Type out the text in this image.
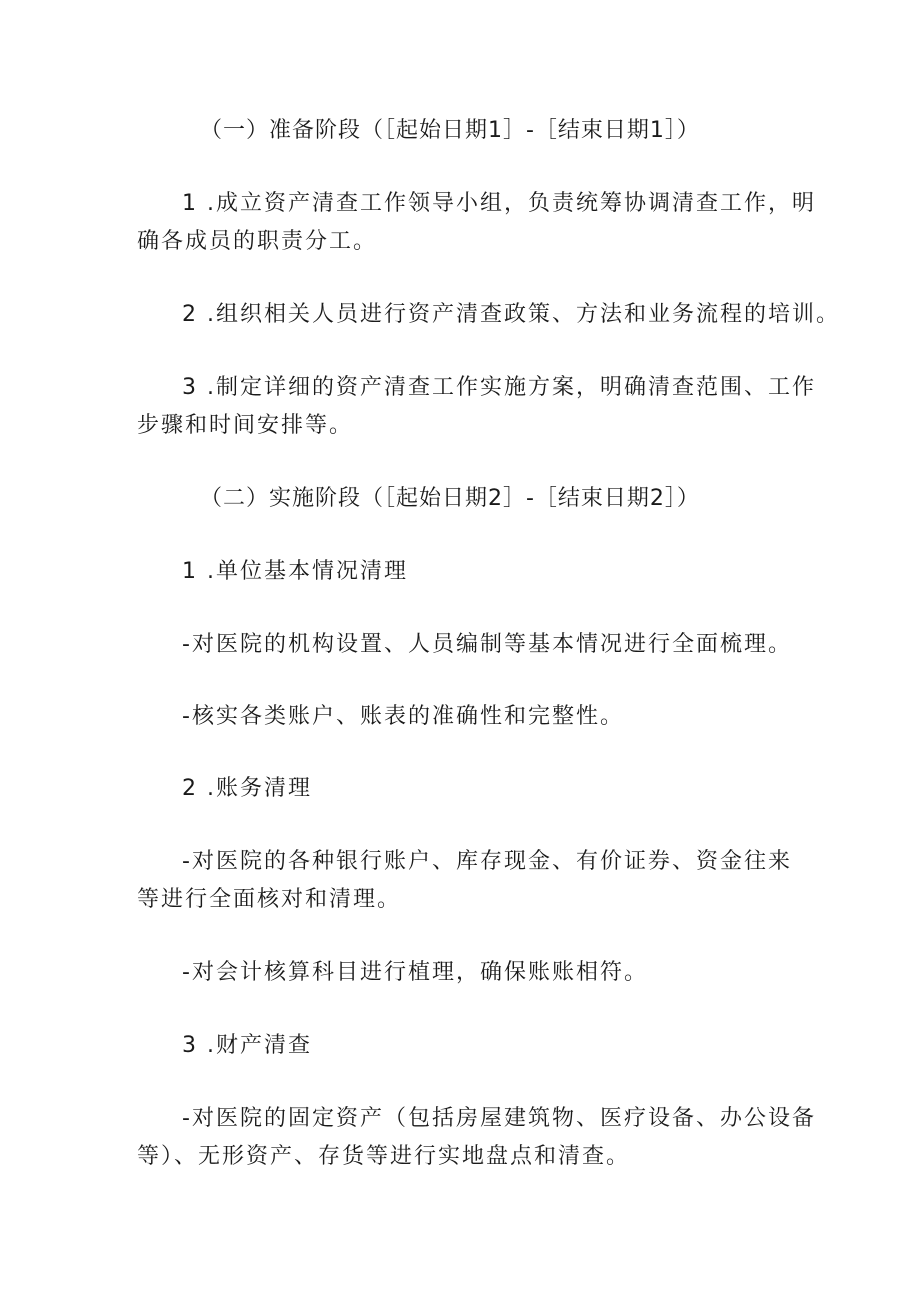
（一）准备阶段（［起始日期1］-［结束日期1］）
1 .成立资产清查工作领导小组，负责统筹协调清查工作，明
确各成员的职责分工。
2 .组织相关人员进行资产清查政策、方法和业务流程的培训。
3 .制定详细的资产清查工作实施方案，明确清查范围、工作
步骤和时间安排等。
（二）实施阶段（［起始日期2］-［结束日期2］）
1 .单位基本情况清理
-对医院的机构设置、人员编制等基本情况进行全面梳理。
-核实各类账户、账表的准确性和完整性。
2 .账务清理
-对医院的各种银行账户、库存现金、有价证券、资金往来
等进行全面核对和清理。
-对会计核算科目进行植理，确保账账相符。
3 .财产清查
-对医院的固定资产（包括房屋建筑物、医疗设备、办公设备
等）、无形资产、存货等进行实地盘点和清查。
